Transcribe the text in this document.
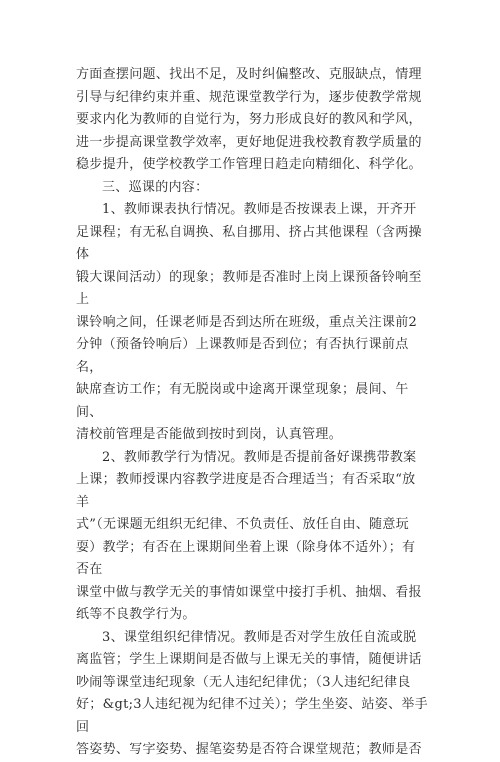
方面查摆问题、找出不足，及时纠偏整改、克服缺点，情理
引导与纪律约束并重、规范课堂教学行为，逐步使教学常规
要求内化为教师的自觉行为，努力形成良好的教风和学风，
进一步提高课堂教学效率，更好地促进我校教育教学质量的
稳步提升，使学校教学工作管理日趋走向精细化、科学化。
三、巡课的内容：
1、教师课表执行情况。教师是否按课表上课，开齐开
足课程；有无私自调换、私自挪用、挤占其他课程（含两操体
锻大课间活动）的现象；教师是否准时上岗上课预备铃响至上
课铃响之间，任课老师是否到达所在班级，重点关注课前2
分钟（预备铃响后）上课教师是否到位；有否执行课前点名，
缺席查访工作；有无脱岗或中途离开课堂现象；晨间、午间、
清校前管理是否能做到按时到岗，认真管理。
2、教师教学行为情况。教师是否提前备好课携带教案
上课；教师授课内容教学进度是否合理适当；有否采取“放羊
式”（无课题无组织无纪律、不负责任、放任自由、随意玩
耍）教学；有否在上课期间坐着上课（除身体不适外）；有否在
课堂中做与教学无关的事情如课堂中接打手机、抽烟、看报
纸等不良教学行为。
3、课堂组织纪律情况。教师是否对学生放任自流或脱
离监管；学生上课期间是否做与上课无关的事情，随便讲话
吵闹等课堂违纪现象（无人违纪纪律优；（3人违纪纪律良
好；&gt;3人违纪视为纪律不过关）；学生坐姿、站姿、举手回
答姿势、写字姿势、握笔姿势是否符合课堂规范；教师是否
